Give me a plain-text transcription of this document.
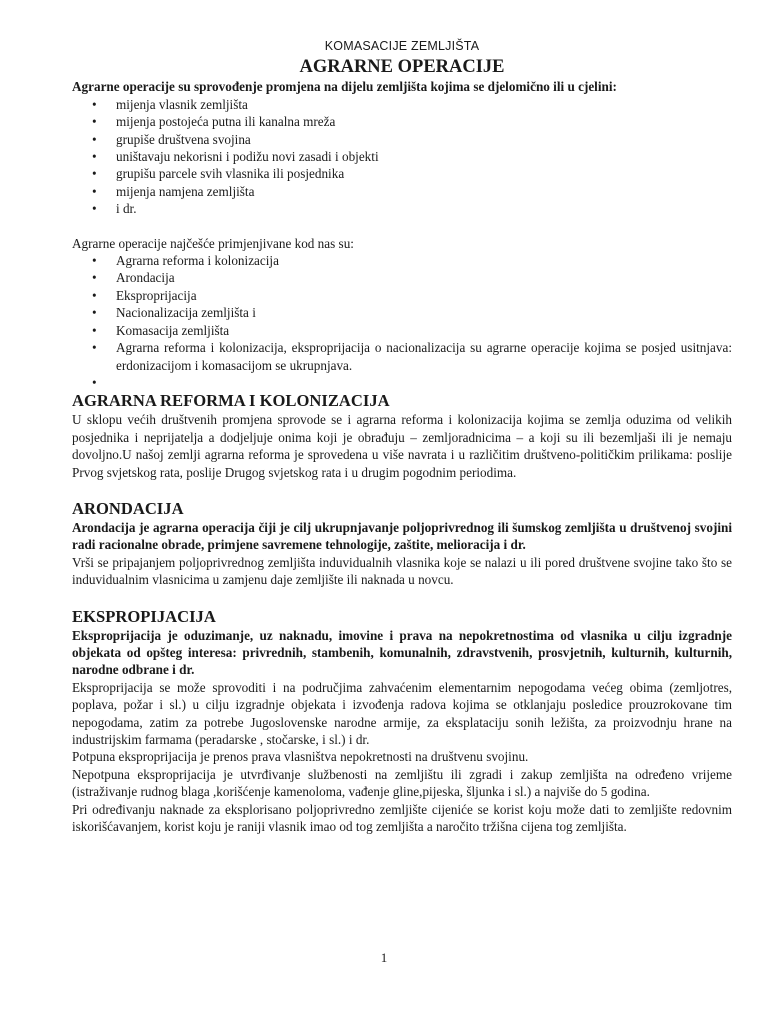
KOMASACIJE ZEMLJIŠTA
AGRARNE OPERACIJE

Agrarne operacije su sprovođenje promjena na dijelu zemljišta kojima se djelomično ili u cjelini:

• mijenja vlasnik zemljišta
• mijenja postojeća putna ili kanalna mreža
• grupiše društvena svojina
• uništavaju nekorisni i podižu novi zasadi i objekti
• grupišu parcele svih vlasnika ili posjednika
• mijenja namjena zemljišta
• i dr.

Agrarne operacije najčešće primjenjivane kod nas su:

• Agrarna reforma i kolonizacija
• Arondacija
• Eksproprijacija
• Nacionalizacija zemljišta i
• Komasacija zemljišta
• Agrarna reforma i kolonizacija, eksproprijacija o nacionalizacija su agrarne operacije kojima se posjed usitnjava: erdonizacijom i komasacijom se ukrupnjava.
•
AGRARNA REFORMA I KOLONIZACIJA

U sklopu većih društvenih promjena sprovode se i agrarna reforma i kolonizacija kojima se zemlja oduzima od velikih posjednika i neprijatelja a dodjeljuje onima koji je obrađuju – zemljoradnicima – a koji su ili bezemljaši ili je nemaju dovoljno.U našoj zemlji agrarna reforma je sprovedena u više navrata i u različitim društveno-političkim prilikama: poslije Prvog svjetskog rata, poslije Drugog svjetskog rata i u drugim pogodnim periodima.

ARONDACIJA

Arondacija je agrarna operacija čiji je cilj ukrupnjavanje poljoprivrednog ili šumskog zemljišta u društvenoj svojini radi racionalne obrade, primjene savremene tehnologije, zaštite, melioracija i dr.

Vrši se pripajanjem poljoprivrednog zemljišta induvidualnih vlasnika koje se nalazi u ili pored društvene svojine tako što se induvidualnim vlasnicima u zamjenu daje zemljište ili naknada u novcu.

EKSPROPIJACIJA

Eksproprijacija je oduzimanje, uz naknadu, imovine i prava na nepokretnostima od vlasnika u cilju izgradnje objekata od opšteg interesa: privrednih, stambenih, komunalnih, zdravstvenih, prosvjetnih, kulturnih, kulturnih, narodne odbrane i dr.

Eksproprijacija se može sprovoditi i na područjima zahvaćenim elementarnim nepogodama većeg obima (zemljotres, poplava, požar i sl.) u cilju izgradnje objekata i izvođenja radova kojima se otklanjaju posledice prouzrokovane tim nepogodama, zatim za potrebe Jugoslovenske narodne armije, za eksplataciju sonih ležišta, za proizvodnju hrane na industrijskim farmama (peradarske , stočarske, i sl.) i dr.

Potpuna eksproprijacija je prenos prava vlasništva nepokretnosti na društvenu svojinu.

Nepotpuna eksproprijacija je utvrđivanje službenosti na zemljištu ili zgradi i zakup zemljišta na određeno vrijeme (istraživanje rudnog blaga ,korišćenje kamenoloma, vađenje gline,pijeska, šljunka i sl.) a najviše do 5 godina.

Pri određivanju naknade za eksplorisano poljoprivredno zemljište cijeniće se korist koju može dati to zemljište redovnim iskorišćavanjem, korist koju je raniji vlasnik imao od tog zemljišta a naročito tržišna cijena tog zemljišta.

1
